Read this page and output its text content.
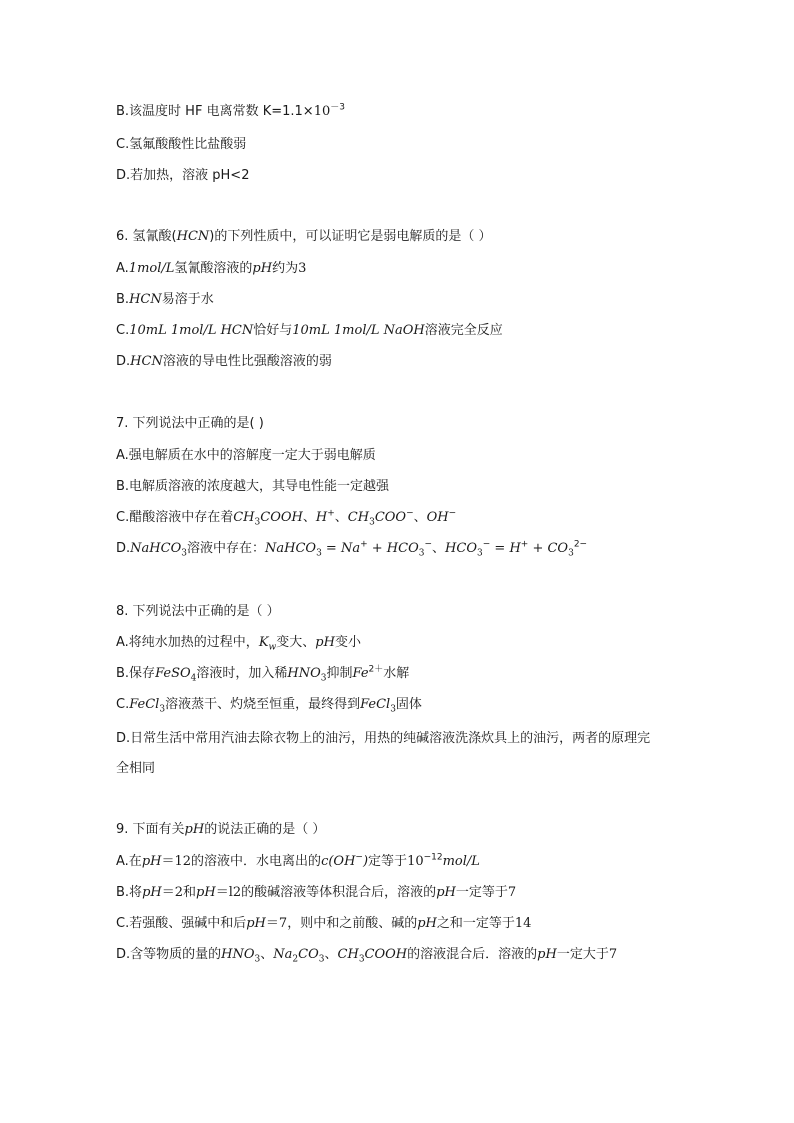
B.该温度时 HF 电离常数 $K=1.1\times 10^{-3}$
C.氢氟酸酸性比盐酸弱
D.若加热，溶液 pH<2
6. 氢氰酸(HCN)的下列性质中，可以证明它是弱电解质的是（ ）
A.1mol/L氢氰酸溶液的pH约为3
B.HCN易溶于水
C.10mL 1mol/L HCN恰好与10mL 1mol/L NaOH溶液完全反应
D.HCN溶液的导电性比强酸溶液的弱
7. 下列说法中正确的是( )
A.强电解质在水中的溶解度一定大于弱电解质
B.电解质溶液的浓度越大，其导电性能一定越强
C.醋酸溶液中存在着$CH_3COOH$、H+、$CH_3COO^-$、OH−
D.NaHCO$_3$溶液中存在：NaHCO$_3$ = $Na^+ + HCO_3^-$、$HCO_3^- = H^+ + CO_3^{2-}$
8. 下列说法中正确的是（ ）
A.将纯水加热的过程中，$K_w$变大、pH变小
B.保存FeSO$_4$溶液时，加入稀$HNO_3$抑制$Fe^{2+}$水解
C.FeCl$_3$溶液蒸干、灼烧至恒重，最终得到FeCl$_3$固体
D.日常生活中常用汽油去除衣物上的油污，用热的纯碱溶液洗涤炊具上的油污，两者的原理完
全相同
9. 下面有关pH的说法正确的是（ ）
A.在pH＝12的溶液中．水电离出的c(OH−)定等于$10^{-12}mol/L$
B.将pH＝2和pH＝l2的酸碱溶液等体积混合后，溶液的pH一定等于7
C.若强酸、强碱中和后pH＝7，则中和之前酸、碱的pH之和一定等于14
D.含等物质的量的$HNO_3$、$Na_2CO_3$、$CH_3COOH$的溶液混合后．溶液的pH一定大于7
